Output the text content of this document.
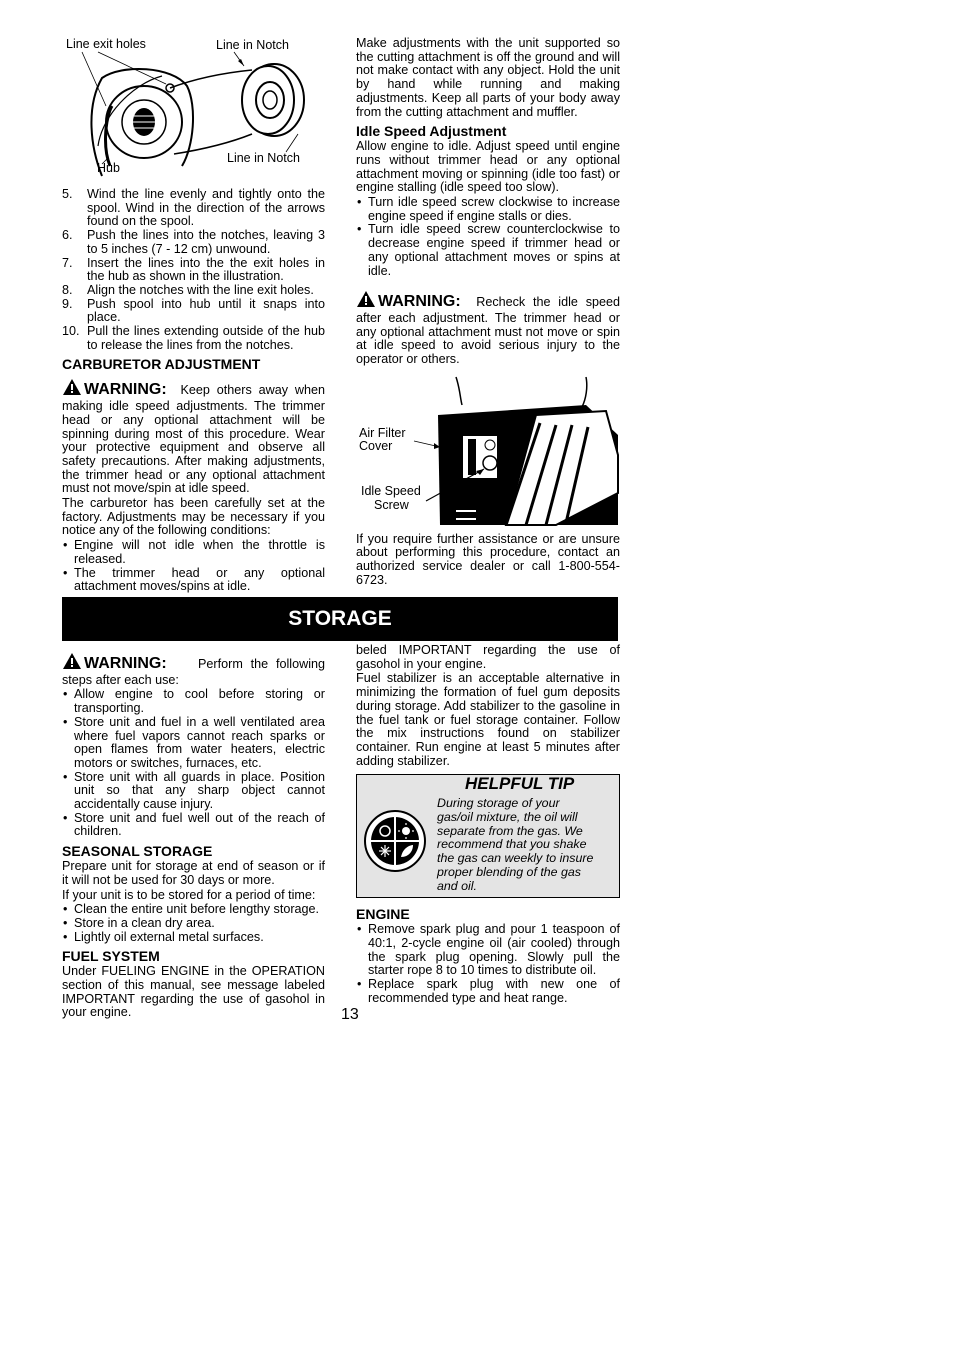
Line exit holes	Line in Notch
Hub
Line in Notch
5. Wind the line evenly and tightly onto the spool. Wind in the direction of the arrows found on the spool.
6. Push the lines into the notches, leaving 3 to 5 inches (7 - 12 cm) unwound.
7. Insert the lines into the the exit holes in the hub as shown in the illustration.
8. Align the notches with the line exit holes.
9. Push spool into hub until it snaps into place.
10. Pull the lines extending outside of the hub to release the lines from the notches.
CARBURETOR ADJUSTMENT

WARNING: Keep others away when making idle speed adjustments. The trimmer head or any optional attachment will be spinning during most of this procedure. Wear your protective equipment and observe all safety precautions. After making adjustments, the trimmer head or any optional attachment must not move/spin at idle speed.

The carburetor has been carefully set at the factory. Adjustments may be necessary if you notice any of the following conditions:

• Engine will not idle when the throttle is released.
• The trimmer head or any optional attachment moves/spins at idle.

Make adjustments with the unit supported so the cutting attachment is off the ground and will not make contact with any object. Hold the unit by hand while running and making adjustments. Keep all parts of your body away from the cutting attachment and muffler.

Idle Speed Adjustment

Allow engine to idle. Adjust speed until engine runs without trimmer head or any optional attachment moving or spinning (idle too fast) or engine stalling (idle speed too slow).

• Turn idle speed screw clockwise to increase engine speed if engine stalls or dies.
• Turn idle speed screw counterclockwise to decrease engine speed if trimmer head or any optional attachment moves or spins at idle.

WARNING: Recheck the idle speed after each adjustment. The trimmer head or any optional attachment must not move or spin at idle speed to avoid serious injury to the operator or others.

Air Filter
Cover
Idle Speed
Screw

If you require further assistance or are unsure about performing this procedure, contact an authorized service dealer or call 1-800-554-6723.

STORAGE

WARNING: Perform the following steps after each use:

• Allow engine to cool before storing or transporting.
• Store unit and fuel in a well ventilated area where fuel vapors cannot reach sparks or open flames from water heaters, electric motors or switches, furnaces, etc.
• Store unit with all guards in place. Position unit so that any sharp object cannot accidentally cause injury.
• Store unit and fuel well out of the reach of children.
SEASONAL STORAGE

Prepare unit for storage at end of season or if it will not be used for 30 days or more.

If your unit is to be stored for a period of time:

• Clean the entire unit before lengthy storage.
• Store in a clean dry area.
• Lightly oil external metal surfaces.
FUEL SYSTEM

Under FUELING ENGINE in the OPERATION section of this manual, see message labeled IMPORTANT regarding the use of gasohol in your engine.

beled IMPORTANT regarding the use of gasohol in your engine.

Fuel stabilizer is an acceptable alternative in minimizing the formation of fuel gum deposits during storage. Add stabilizer to the gasoline in the fuel tank or fuel storage container. Follow the mix instructions found on stabilizer container. Run engine at least 5 minutes after adding stabilizer.

HELPFUL TIP
During storage of your gas/oil mixture, the oil will separate from the gas. We recommend that you shake the gas can weekly to insure proper blending of the gas and oil.
ENGINE
• Remove spark plug and pour 1 teaspoon of 40:1, 2-cycle engine oil (air cooled) through the spark plug opening. Slowly pull the starter rope 8 to 10 times to distribute oil.
• Replace spark plug with new one of recommended type and heat range.
13
